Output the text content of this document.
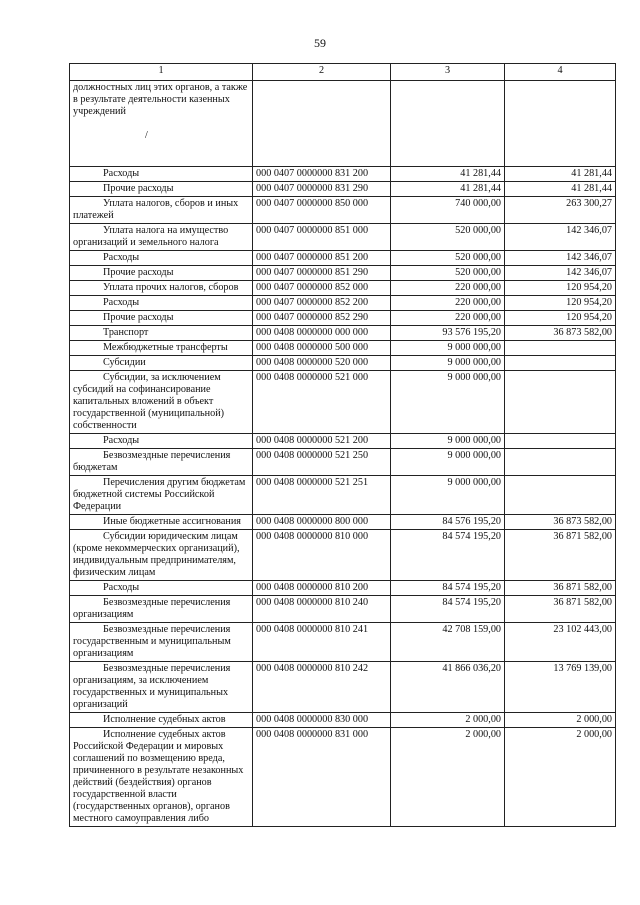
59
1	2	3	4
должностных лиц этих органов, а также в результате деятельности казенных учреждений

/			
Расходы	000 0407 0000000 831 200	41 281,44	41 281,44
Прочие расходы	000 0407 0000000 831 290	41 281,44	41 281,44
Уплата налогов, сборов и иных платежей	000 0407 0000000 850 000	740 000,00	263 300,27
Уплата налога на имущество организаций и земельного налога	000 0407 0000000 851 000	520 000,00	142 346,07
Расходы	000 0407 0000000 851 200	520 000,00	142 346,07
Прочие расходы	000 0407 0000000 851 290	520 000,00	142 346,07
Уплата прочих налогов, сборов	000 0407 0000000 852 000	220 000,00	120 954,20
Расходы	000 0407 0000000 852 200	220 000,00	120 954,20
Прочие расходы	000 0407 0000000 852 290	220 000,00	120 954,20
Транспорт	000 0408 0000000 000 000	93 576 195,20	36 873 582,00
Межбюджетные трансферты	000 0408 0000000 500 000	9 000 000,00	
Субсидии	000 0408 0000000 520 000	9 000 000,00	
Субсидии, за исключением субсидий на софинансирование капитальных вложений в объект государственной (муниципальной) собственности	000 0408 0000000 521 000	9 000 000,00	
Расходы	000 0408 0000000 521 200	9 000 000,00	
Безвозмездные перечисления бюджетам	000 0408 0000000 521 250	9 000 000,00	
Перечисления другим бюджетам бюджетной системы Российской Федерации	000 0408 0000000 521 251	9 000 000,00	
Иные бюджетные ассигнования	000 0408 0000000 800 000	84 576 195,20	36 873 582,00
Субсидии юридическим лицам (кроме некоммерческих организаций), индивидуальным предпринимателям, физическим лицам	000 0408 0000000 810 000	84 574 195,20	36 871 582,00
Расходы	000 0408 0000000 810 200	84 574 195,20	36 871 582,00
Безвозмездные перечисления организациям	000 0408 0000000 810 240	84 574 195,20	36 871 582,00
Безвозмездные перечисления государственным и муниципальным организациям	000 0408 0000000 810 241	42 708 159,00	23 102 443,00
Безвозмездные перечисления организациям, за исключением государственных и муниципальных организаций	000 0408 0000000 810 242	41 866 036,20	13 769 139,00
Исполнение судебных актов	000 0408 0000000 830 000	2 000,00	2 000,00
Исполнение судебных актов Российской Федерации и мировых соглашений по возмещению вреда, причиненного в результате незаконных действий (бездействия) органов государственной власти (государственных органов), органов местного самоуправления либо	000 0408 0000000 831 000	2 000,00	2 000,00
